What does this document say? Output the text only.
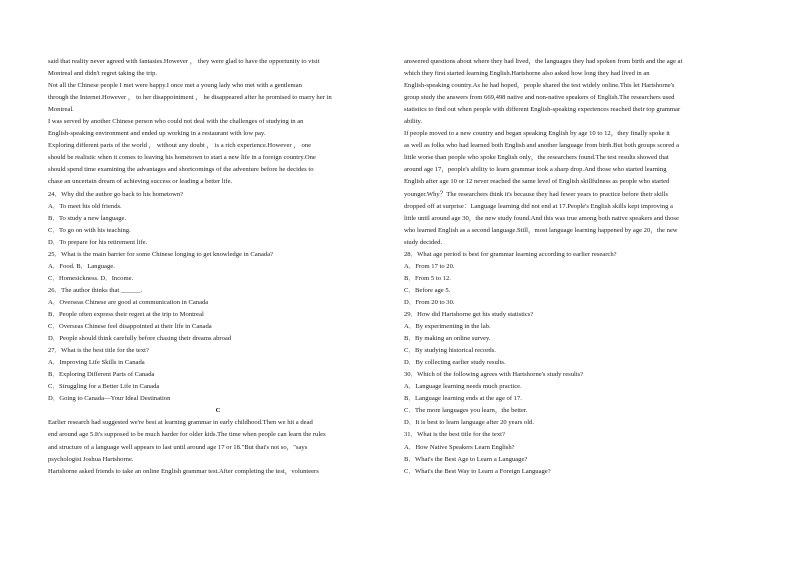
said that reality never agreed with fantasies.However ， they were glad to have the opportunity to visit
Montreal and didn't regret taking the trip.
Not all the Chinese people I met were happy.I once met a young lady who met with a gentleman
through the Internet.However ， to her disappointment ， he disappeared after he promised to marry her in
Montreal.
I was served by another Chinese person who could not deal with the challenges of studying in an
English-speaking environment and ended up working in a restaurant with low pay.
Exploring different parts of the world ， without any doubt ， is a rich experience.However ， one
should be realistic when it comes to leaving his hometown to start a new life in a foreign country.One
should spend time examining the advantages and shortcomings of the adventure before he decides to
chase an uncertain dream of achieving success or leading a better life.
24．Why did the author go back to his hometown?
A．To meet his old friends.
B．To study a new language.
C．To go on with his teaching.
D．To prepare for his retirement life.
25．What is the main barrier for some Chinese longing to get knowledge in Canada?
A．Food. B．Language.
C．Homesickness. D．Income.
26．The author thinks that ______.
A．Overseas Chinese are good at communication in Canada
B．People often express their regret at the trip to Montreal
C．Overseas Chinese feel disappointed at their life in Canada
D．People should think carefully before chasing their dreams abroad
27．What is the best title for the text?
A．Improving Life Skills in Canada
B．Exploring Different Parts of Canada
C．Struggling for a Better Life in Canada
D．Going to Canada—Your Ideal Destination
C
Earlier research had suggested we're best at learning grammar in early childhood.Then we hit a dead
end around age 5.It's supposed to be much harder for older kids.The time when people can learn the rules
and structure of a language well appears to last until around age 17 or 18."But that's not so，"says
psychologist Joshua Hartshorne.
Hartshorne asked friends to take an online English grammar test.After completing the test，volunteers
answered questions about where they had lived，the languages they had spoken from birth and the age at
which they first started learning English.Hartshorne also asked how long they had lived in an
English-speaking country.As he had hoped，people shared the test widely online.This let Hartshorne's
group study the answers from 669,498 native and non-native speakers of English.The researchers used
statistics to find out when people with different English-speaking experiences reached their top grammar
ability.
If people moved to a new country and began speaking English by age 10 to 12，they finally spoke it
as well as folks who had learned both English and another language from birth.But both groups scored a
little worse than people who spoke English only，the researchers found.The test results showed that
around age 17，people's ability to learn grammar took a sharp drop.And those who started learning
English after age 10 or 12 never reached the same level of English skillfulness as people who started
younger.Why？The researchers think it's because they had fewer years to practice before their skills
dropped off at surprise：Language learning did not end at 17.People's English skills kept improving a
little until around age 30，the new study found.And this was true among both native speakers and those
who learned English as a second language.Still，most language learning happened by age 20，the new
study decided.
28．What age period is best for grammar learning according to earlier research?
A．From 17 to 20.
B．From 5 to 12.
C．Before age 5.
D．From 20 to 30.
29．How did Hartshorne get his study statistics?
A．By experimenting in the lab.
B．By making an online survey.
C．By studying historical records.
D．By collecting earlier study results.
30．Which of the following agrees with Hartshorne's study results?
A．Language learning needs much practice.
B．Language learning ends at the age of 17.
C．The more languages you learn，the better.
D．It is best to learn language after 20 years old.
31．What is the best title for the text?
A．How Native Speakers Learn English?
B．What's the Best Age to Learn a Language?
C．What's the Best Way to Learn a Foreign Language?
